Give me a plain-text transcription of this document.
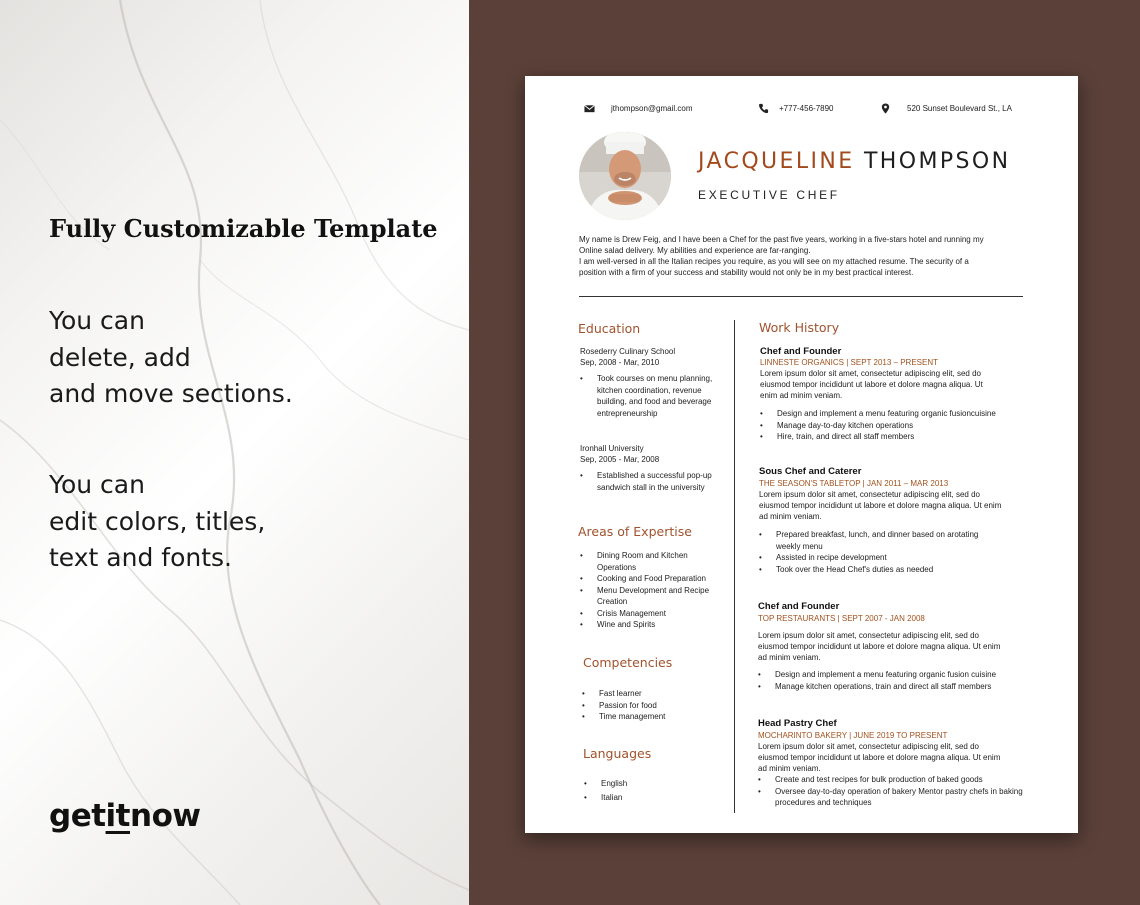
Fully Customizable Template
You can
delete, add
and move sections.
You can
edit colors, titles,
text and fonts.
getitnow
jthompson@gmail.com	+777-456-7890	520 Sunset Boulevard St., LA
JACQUELINE THOMPSON
EXECUTIVE CHEF
My name is Drew Feig, and I have been a Chef for the past five years, working in a five-stars hotel and running my
Online salad delivery. My abilities and experience are far-ranging.
I am well-versed in all the Italian recipes you require, as you will see on my attached resume. The security of a
position with a firm of your success and stability would not only be in my best practical interest.
Education
Rosederry Culinary School
Sep, 2008 - Mar, 2010
• Took courses on menu planning, kitchen coordination, revenue building, and food and beverage entrepreneurship
Ironhall University
Sep, 2005 - Mar, 2008
• Established a successful pop-up sandwich stall in the university
Areas of Expertise
• Dining Room and Kitchen Operations
• Cooking and Food Preparation
• Menu Development and Recipe Creation
• Crisis Management
• Wine and Spirits
Competencies
• Fast learner
• Passion for food
• Time management
Languages
• English
• Italian
Work History
Chef and Founder
LINNESTE ORGANICS | SEPT 2013 – PRESENT
Lorem ipsum dolor sit amet, consectetur adipiscing elit, sed do
eiusmod tempor incididunt ut labore et dolore magna aliqua. Ut
enim ad minim veniam.
• Design and implement a menu featuring organic fusioncuisine
• Manage day-to-day kitchen operations
• Hire, train, and direct all staff members
Sous Chef and Caterer
THE SEASON'S TABLETOP | JAN 2011 – MAR 2013
Lorem ipsum dolor sit amet, consectetur adipiscing elit, sed do
eiusmod tempor incididunt ut labore et dolore magna aliqua. Ut enim
ad minim veniam.
• Prepared breakfast, lunch, and dinner based on arotating weekly menu
• Assisted in recipe development
• Took over the Head Chef's duties as needed
Chef and Founder
TOP RESTAURANTS | SEPT 2007 - JAN 2008
Lorem ipsum dolor sit amet, consectetur adipiscing elit, sed do
eiusmod tempor incididunt ut labore et dolore magna aliqua. Ut enim
ad minim veniam.
• Design and implement a menu featuring organic fusion cuisine
• Manage kitchen operations, train and direct all staff members
Head Pastry Chef
MOCHARINTO BAKERY | JUNE 2019 TO PRESENT
Lorem ipsum dolor sit amet, consectetur adipiscing elit, sed do
eiusmod tempor incididunt ut labore et dolore magna aliqua. Ut enim
ad minim veniam.
• Create and test recipes for bulk production of baked goods
• Oversee day-to-day operation of bakery Mentor pastry chefs in baking procedures and techniques
